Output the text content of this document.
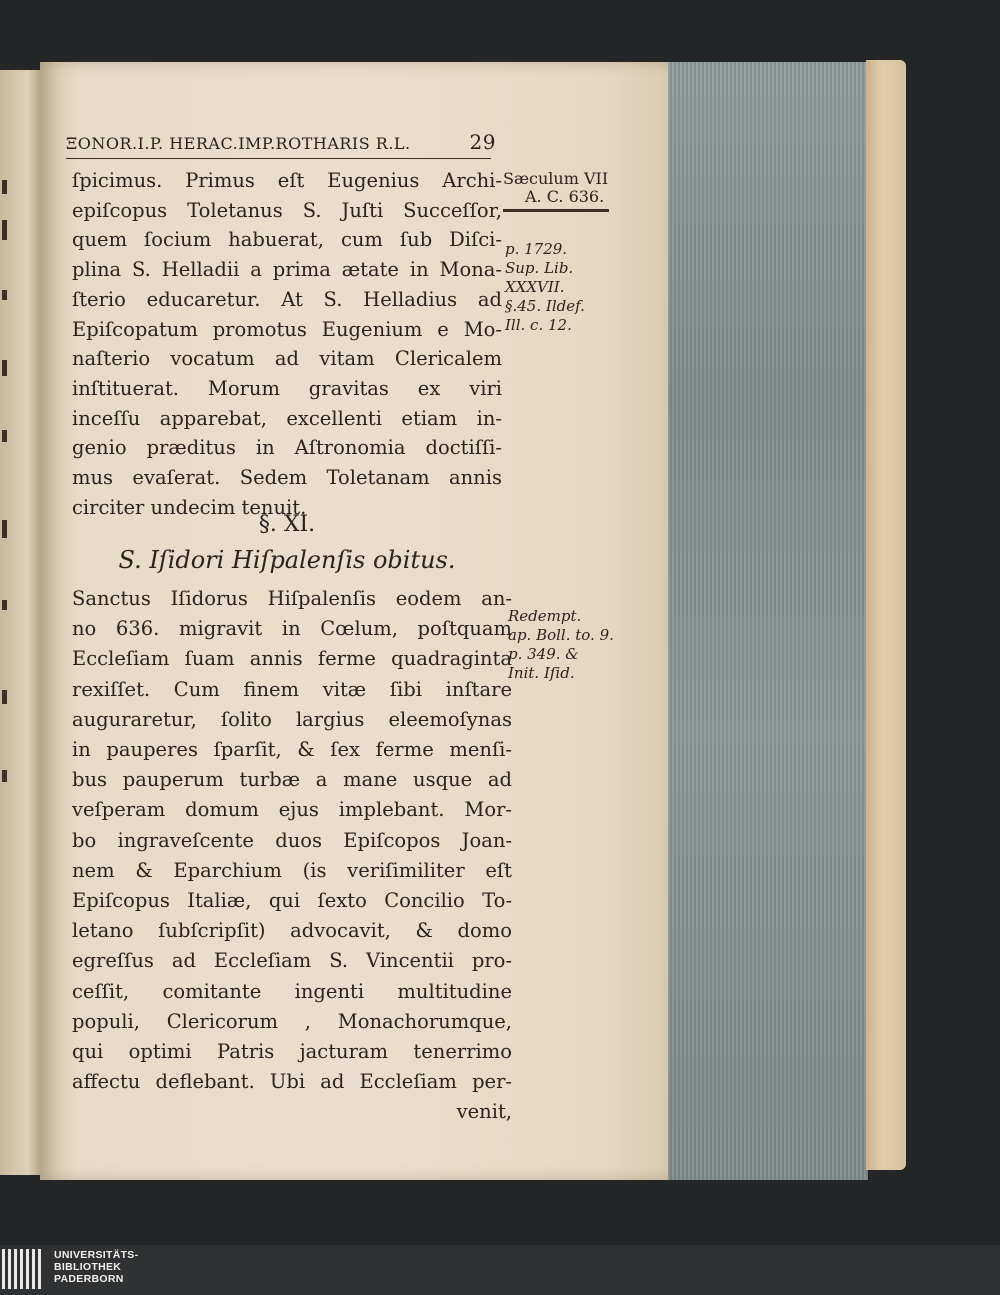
ΞONOR.I.P. HERAC.IMP.ROTHARIS R.L.	29
ſpicimus. Primus eſt Eugenius Archi-
epiſcopus Toletanus S. Juſti Succeſſor,
quem ſocium habuerat, cum ſub Diſci-
plina S. Helladii a prima ætate in Mona-
ſterio educaretur. At S. Helladius ad
Epiſcopatum promotus Eugenium e Mo-
naſterio vocatum ad vitam Clericalem
inſtituerat. Morum gravitas ex viri
inceſſu apparebat, excellenti etiam in-
genio præditus in Aſtronomia doctiſſi-
mus evaſerat. Sedem Toletanam annis
circiter undecim tenuit.
§. XI.
S. Iſidori Hiſpalenſis obitus.
Sanctus Iſidorus Hiſpalenſis eodem an-
no 636. migravit in Cœlum, poſtquam
Eccleſiam ſuam annis ferme quadraginta
rexiſſet. Cum finem vitæ ſibi inſtare
auguraretur, ſolito largius eleemoſynas
in pauperes ſparſit, & ſex ferme menſi-
bus pauperum turbæ a mane usque ad
veſperam domum ejus implebant. Mor-
bo ingraveſcente duos Epiſcopos Joan-
nem & Eparchium (is veriſimiliter eſt
Epiſcopus Italiæ, qui ſexto Concilio To-
letano ſubſcripſit) advocavit, & domo
egreſſus ad Eccleſiam S. Vincentii pro-
ceſſit, comitante ingenti multitudine
populi, Clericorum , Monachorumque,
qui optimi Patris jacturam tenerrimo
affectu deflebant. Ubi ad Eccleſiam per-
venit,
Sæculum VII
A. C. 636.
p. 1729.
Sup. Lib.
XXXVII.
§.45. Ildef.
Ill. c. 12.
Redempt.
ap. Boll. to. 9.
p. 349. &
Init. Iſid.
UNIVERSITÄTS-
BIBLIOTHEK
PADERBORN
